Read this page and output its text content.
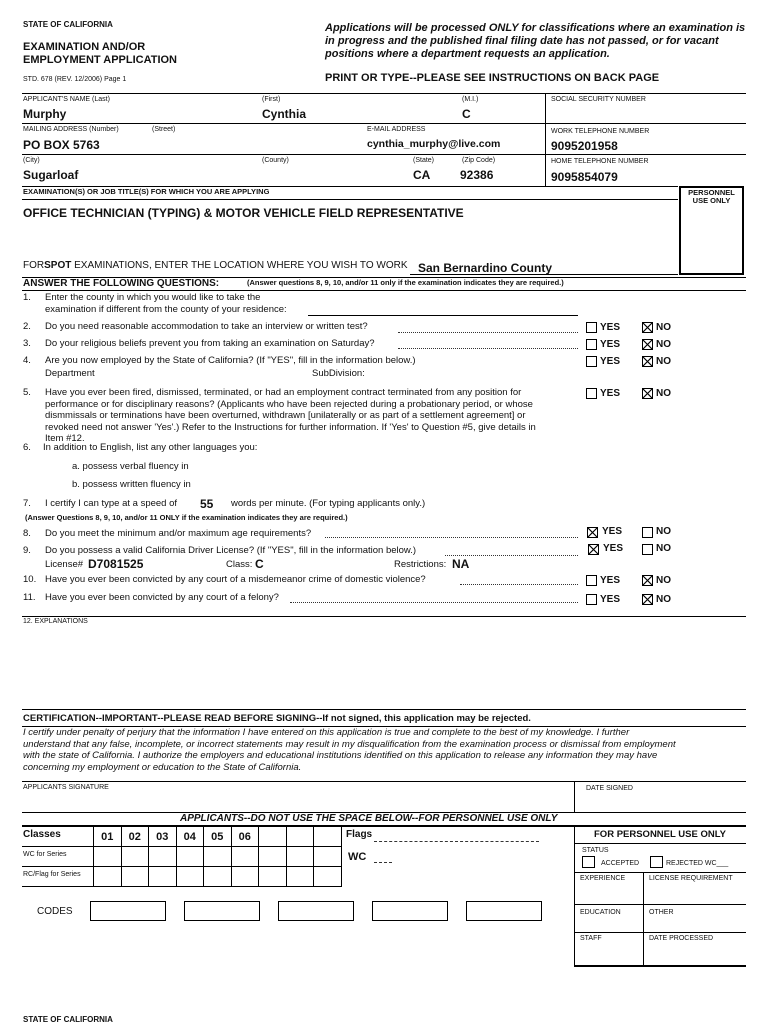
STATE OF CALIFORNIA
EXAMINATION AND/OR
EMPLOYMENT APPLICATION
STD. 678 (REV. 12/2006) Page 1
Applications will be processed ONLY for classifications where an examination is in progress and the published final filing date has not passed, or for vacant positions where a department requests an application.
PRINT OR TYPE--PLEASE SEE INSTRUCTIONS ON BACK PAGE
APPLICANT'S NAME (Last)
Murphy
(First)
Cynthia
(M.I.)
C
SOCIAL SECURITY NUMBER
MAILING ADDRESS (Number)	(Street)
PO BOX 5763
E-MAIL ADDRESS
cynthia_murphy@live.com
WORK TELEPHONE NUMBER
9095201958
(City)
Sugarloaf
(County)	(State)
CA
(Zip Code)
92386
HOME TELEPHONE NUMBER
9095854079
EXAMINATION(S) OR JOB TITLE(S) FOR WHICH YOU ARE APPLYING
OFFICE TECHNICIAN (TYPING) & MOTOR VEHICLE FIELD REPRESENTATIVE
PERSONNEL USE ONLY
FORSPOT EXAMINATIONS, ENTER THE LOCATION WHERE YOU WISH TO WORK San Bernardino County
ANSWER THE FOLLOWING QUESTIONS:	(Answer questions 8, 9, 10, and/or 11 only if the examination indicates they are required.)
1. Enter the county in which you would like to take the
examination if different from the county of your residence:
2. Do you need reasonable accommodation to take an interview or written test?	YES	NO
3. Do your religious beliefs prevent you from taking an examination on Saturday?	YES	NO
4. Are you now employed by the State of California? (If "YES", fill in the information below.)	YES	NO
Department	SubDivision:
5. Have you ever been fired, dismissed, terminated, or had an employment contract terminated from any position for
performance or for disciplinary reasons? (Applicants who have been rejected during a probationary period, or whose
dismmissals or terminations have been overturned, withdrawn [unilaterally or as part of a settlement agreement] or
revoked need not answer 'Yes'.) Refer to the Instructions for further information. If 'Yes' to Question #5, give details in
Item #12.
YES	NO
6. In addition to English, list any other languages you:
a. possess verbal fluency in
b. possess written fluency in
7. I certify I can type at a speed of 55 words per minute. (For typing applicants only.)
(Answer Questions 8, 9, 10, and/or 11 ONLY if the examination indicates they are required.)
8. Do you meet the minimum and/or maximum age requirements?	YES	NO
9. Do you possess a valid California Driver License? (If "YES", fill in the information below.)	YES	NO
License# D7081525	Class: C	Restrictions: NA
10. Have you ever been convicted by any court of a misdemeanor crime of domestic violence?	YES	NO
11. Have you ever been convicted by any court of a felony?	YES	NO
12. EXPLANATIONS
CERTIFICATION--IMPORTANT--PLEASE READ BEFORE SIGNING--If not signed, this application may be rejected.
I certify under penalty of perjury that the information I have entered on this application is true and complete to the best of my knowledge. I further
understand that any false, incomplete, or incorrect statements may result in my disqualification from the examination process or dismissal from employment
with the state of California. I authorize the employers and educational institutions identified on this application to release any information they may have
concerning my employment or education to the State of California.
APPLICANTS SIGNATURE	DATE SIGNED
APPLICANTS--DO NOT USE THE SPACE BELOW--FOR PERSONNEL USE ONLY
Classes	01	02	03	04	05	06
WC for Series
RC/Flag for Series
Flags
WC
CODES
FOR PERSONNEL USE ONLY
STATUS
ACCEPTED	REJECTED WC___
EXPERIENCE	LICENSE REQUIREMENT
EDUCATION	OTHER
STAFF	DATE PROCESSED
STATE OF CALIFORNIA
